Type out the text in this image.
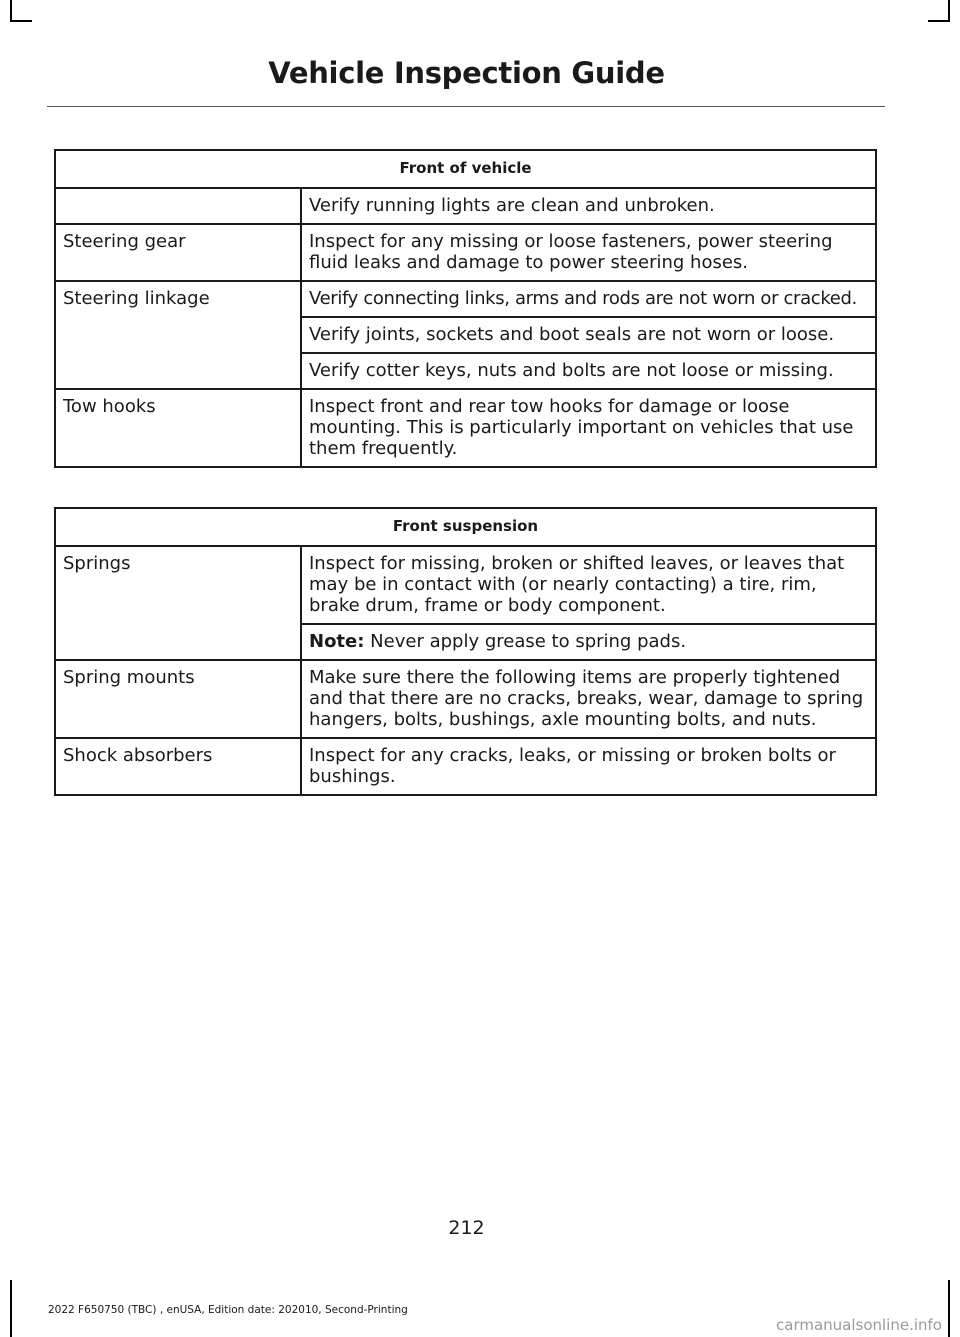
Vehicle Inspection Guide
Front of vehicle	
	Verify running lights are clean and unbroken.
Steering gear	Inspect for any missing or loose fasteners, power steering fluid leaks and damage to power steering hoses.
Steering linkage	Verify connecting links, arms and rods are not worn or cracked.
	Verify joints, sockets and boot seals are not worn or loose.
	Verify cotter keys, nuts and bolts are not loose or missing.
Tow hooks	Inspect front and rear tow hooks for damage or loose mounting. This is particularly important on vehicles that use them frequently.
Front suspension	
Springs	Inspect for missing, broken or shifted leaves, or leaves that may be in contact with (or nearly contacting) a tire, rim, brake drum, frame or body component.
	Note: Never apply grease to spring pads.
Spring mounts	Make sure there the following items are properly tightened and that there are no cracks, breaks, wear, damage to spring hangers, bolts, bushings, axle mounting bolts, and nuts.
Shock absorbers	Inspect for any cracks, leaks, or missing or broken bolts or bushings.
212
2022 F650750 (TBC) , enUSA, Edition date: 202010, Second-Printing
carmanualsonline.info
